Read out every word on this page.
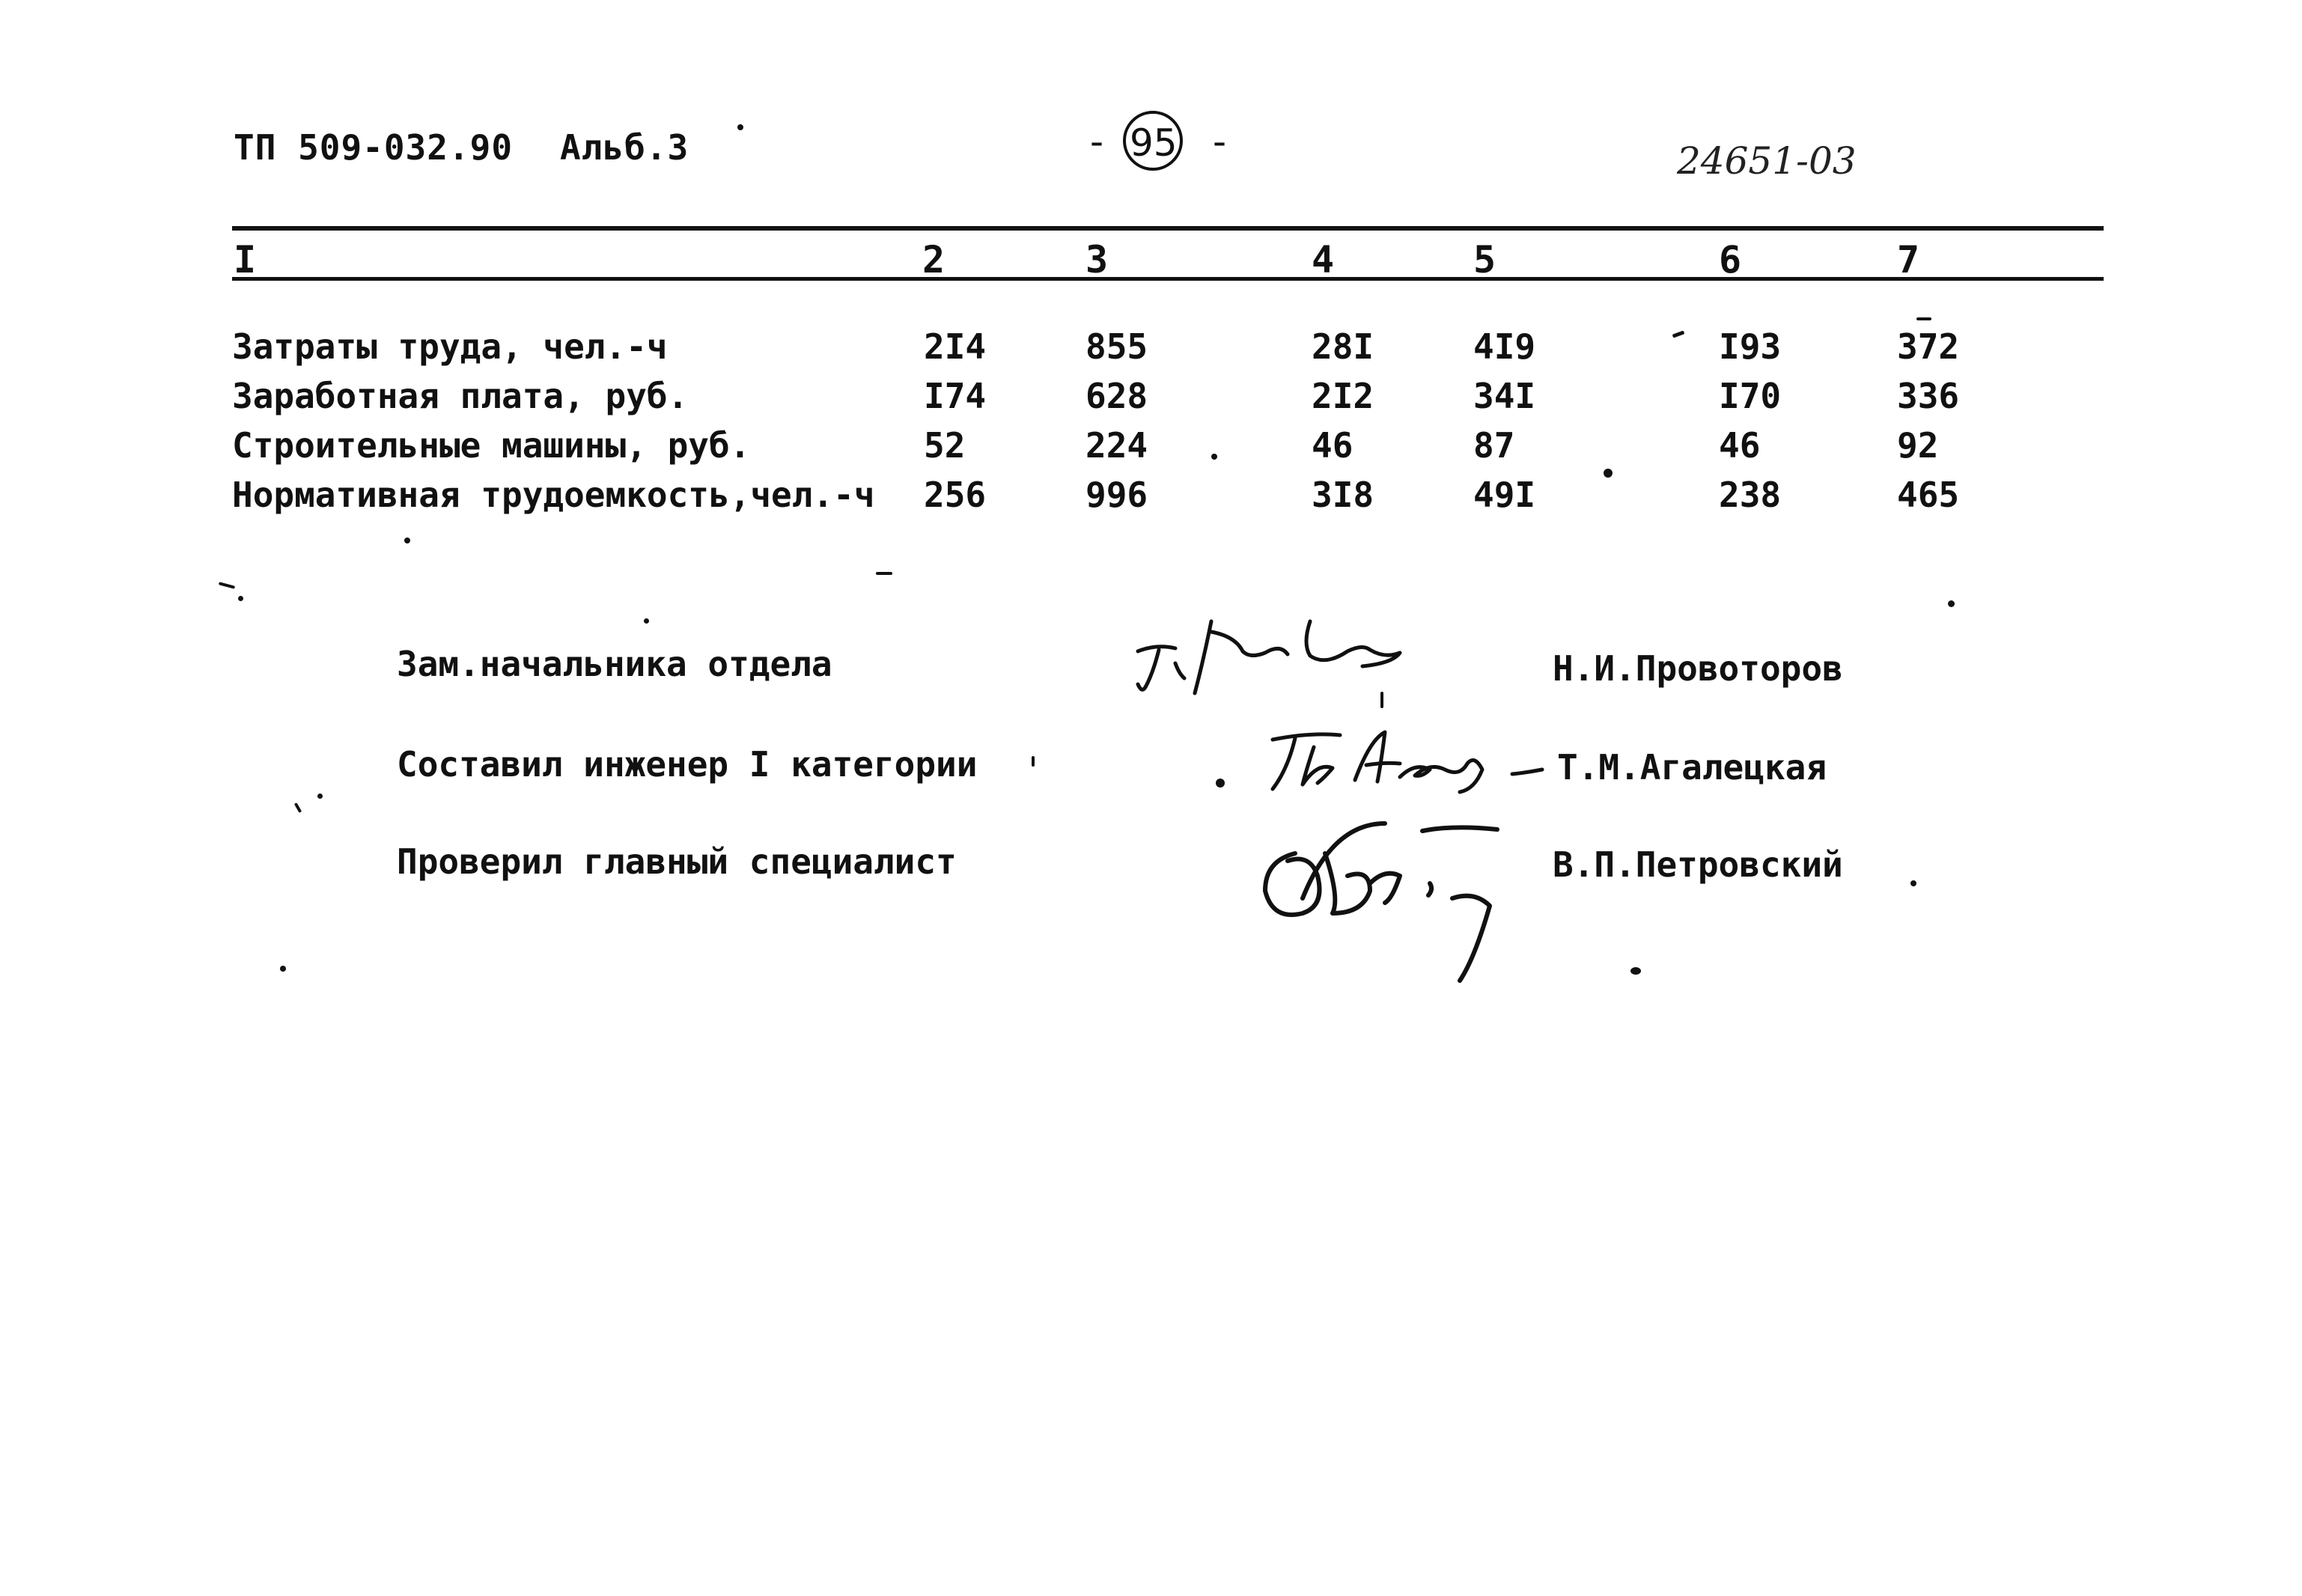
ТП 509-032.90 Альб.3	- 95 -	24651-03
I	2	3	4	5	6	7
Затраты труда, чел.-ч	2I4	855	28I	4I9	I93	372
Заработная плата, руб.	I74	628	2I2	34I	I70	336
Строительные машины, руб.	52	224	46	87	46	92
Нормативная трудоемкость,чел.-ч 256	996	3I8	49I	238	465
Зам.начальника отдела	Н.И.Провоторов
Составил инженер I категории	Т.М.Агалецкая
Проверил главный специалист	В.П.Петровский
